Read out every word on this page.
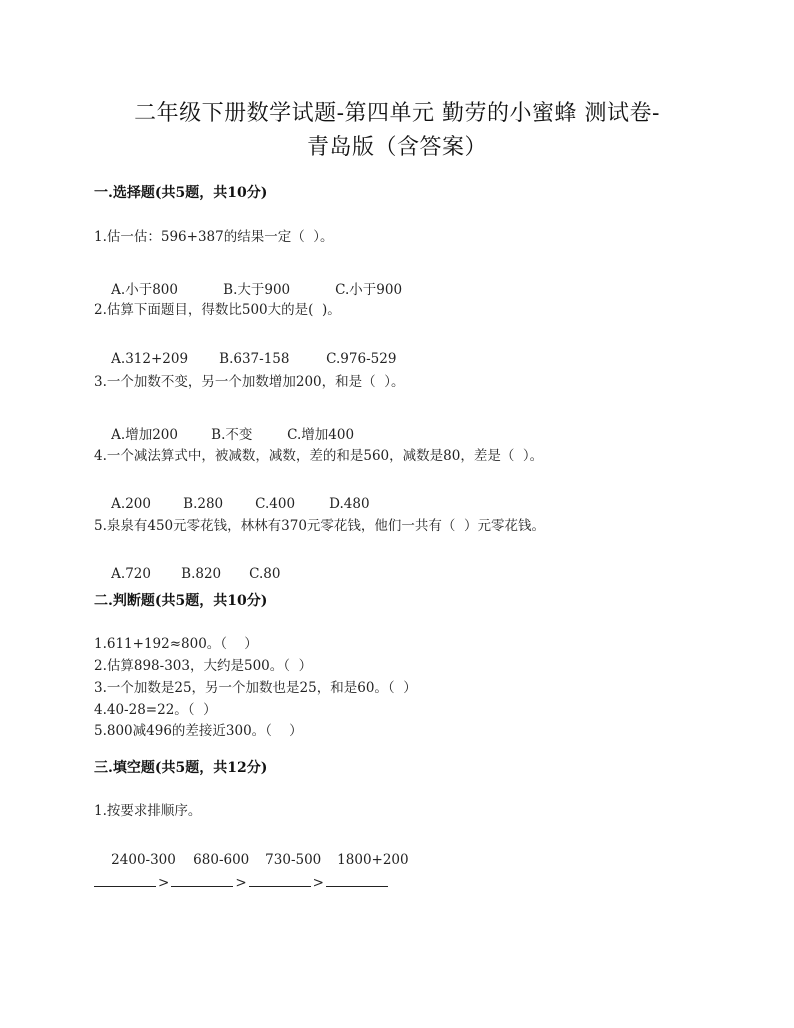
二年级下册数学试题-第四单元 勤劳的小蜜蜂 测试卷-
青岛版（含答案）
一.选择题(共5题，共10分)
1.估一估：596+387的结果一定（  ）。

A.小于800	B.大于900	C.小于900

2.估算下面题目，得数比500大的是(  )。

A.312+209 B.637-158	C.976-529

3.一个加数不变，另一个加数增加200，和是（  ）。

A.增加200 B.不变	C.增加400

4.一个减法算式中，被减数，减数，差的和是560，减数是80，差是（  ）。

A.200 B.280 C.400	D.480

5.泉泉有450元零花钱，林林有370元零花钱，他们一共有（  ）元零花钱。

A.720 B.820 C.80

二.判断题(共5题，共10分)
1.611+192≈800。（    ）
2.估算898-303，大约是500。（  ）
3.一个加数是25，另一个加数也是25，和是60。（  ）
4.40-28=22。（  ）
5.800减496的差接近300。（    ）
三.填空题(共5题，共12分)
1.按要求排顺序。

2400-300 680-600 730-500 1800+200

>	>	>
